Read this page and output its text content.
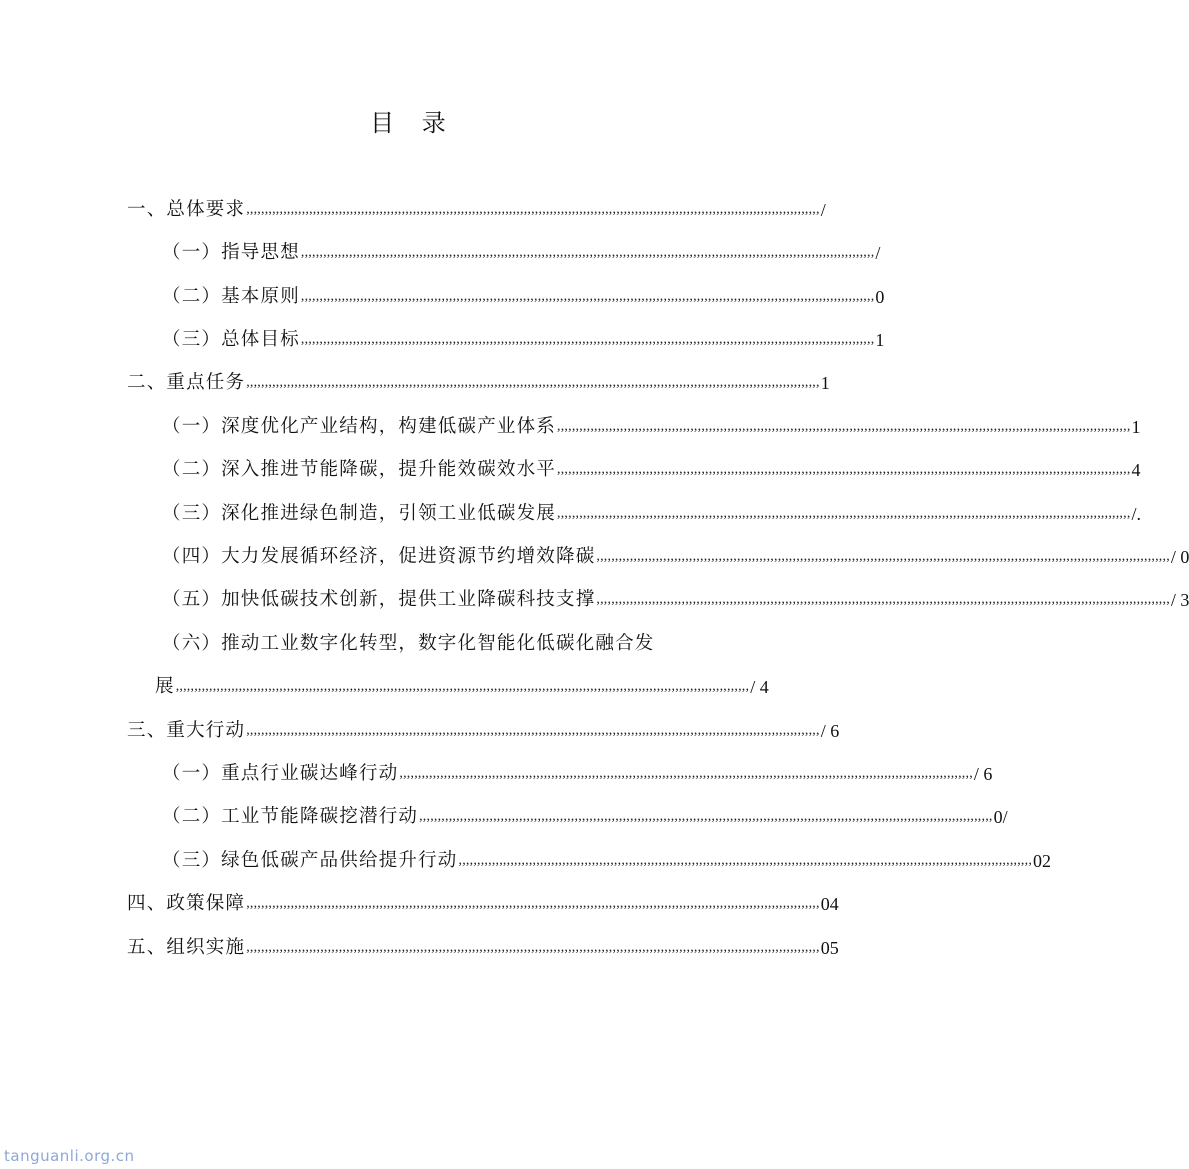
目 录
一、总体要求 ,,,,,,,,,,,,,,,,,,,,,,,,,,,,,,,,,,,,,,,,,,,,,,,,,,,,,,,,,,,,,,,,,,,,,,,,,,,,,,,,,,,,,,,,,,,,,,,,,,,,,,,,,,,,,,,,,,,,,,,,,,,,,,,,,,,,,,,,,,,,,,,,,,,,,,,,,,, /
（一）指导思想 ,,,,,,,,,,,,,,,,,,,,,,,,,,,,,,,,,,,,,,,,,,,,,,,,,,,,,,,,,,,,,,,,,,,,,,,,,,,,,,,,,,,,,,,,,,,,,,,,,,,,,,,,,,,,,,,,,,,,,,,,,,,,,,,,,,,,,,,,,,,,,,,,,,,,,,,,,,, /
（二）基本原则 ,,,,,,,,,,,,,,,,,,,,,,,,,,,,,,,,,,,,,,,,,,,,,,,,,,,,,,,,,,,,,,,,,,,,,,,,,,,,,,,,,,,,,,,,,,,,,,,,,,,,,,,,,,,,,,,,,,,,,,,,,,,,,,,,,,,,,,,,,,,,,,,,,,,,,,,,,,, 0
（三）总体目标 ,,,,,,,,,,,,,,,,,,,,,,,,,,,,,,,,,,,,,,,,,,,,,,,,,,,,,,,,,,,,,,,,,,,,,,,,,,,,,,,,,,,,,,,,,,,,,,,,,,,,,,,,,,,,,,,,,,,,,,,,,,,,,,,,,,,,,,,,,,,,,,,,,,,,,,,,,,, 1
二、重点任务 ,,,,,,,,,,,,,,,,,,,,,,,,,,,,,,,,,,,,,,,,,,,,,,,,,,,,,,,,,,,,,,,,,,,,,,,,,,,,,,,,,,,,,,,,,,,,,,,,,,,,,,,,,,,,,,,,,,,,,,,,,,,,,,,,,,,,,,,,,,,,,,,,,,,,,,,,,,, 1
（一）深度优化产业结构，构建低碳产业体系 ,,,,,,,,,,,,,,,,,,,,,,,,,,,,,,,,,,,,,,,,,,,,,,,,,,,,,,,,,,,,,,,,,,,,,,,,,,,,,,,,,,,,,,,,,,,,,,,,,,,,,,,,,,,,,,,,,,,,,,,,,,,,,,,,,,,,,,,,,,,,,,,,,,,,,,,,,,, 1
（二）深入推进节能降碳，提升能效碳效水平 ,,,,,,,,,,,,,,,,,,,,,,,,,,,,,,,,,,,,,,,,,,,,,,,,,,,,,,,,,,,,,,,,,,,,,,,,,,,,,,,,,,,,,,,,,,,,,,,,,,,,,,,,,,,,,,,,,,,,,,,,,,,,,,,,,,,,,,,,,,,,,,,,,,,,,,,,,,, 4
（三）深化推进绿色制造，引领工业低碳发展 ,,,,,,,,,,,,,,,,,,,,,,,,,,,,,,,,,,,,,,,,,,,,,,,,,,,,,,,,,,,,,,,,,,,,,,,,,,,,,,,,,,,,,,,,,,,,,,,,,,,,,,,,,,,,,,,,,,,,,,,,,,,,,,,,,,,,,,,,,,,,,,,,,,,,,,,,,,, /.
（四）大力发展循环经济，促进资源节约增效降碳 ,,,,,,,,,,,,,,,,,,,,,,,,,,,,,,,,,,,,,,,,,,,,,,,,,,,,,,,,,,,,,,,,,,,,,,,,,,,,,,,,,,,,,,,,,,,,,,,,,,,,,,,,,,,,,,,,,,,,,,,,,,,,,,,,,,,,,,,,,,,,,,,,,,,,,,,,,,, / 0
（五）加快低碳技术创新，提供工业降碳科技支撑 ,,,,,,,,,,,,,,,,,,,,,,,,,,,,,,,,,,,,,,,,,,,,,,,,,,,,,,,,,,,,,,,,,,,,,,,,,,,,,,,,,,,,,,,,,,,,,,,,,,,,,,,,,,,,,,,,,,,,,,,,,,,,,,,,,,,,,,,,,,,,,,,,,,,,,,,,,,, / 3
（六）推动工业数字化转型，数字化智能化低碳化融合发
展 ,,,,,,,,,,,,,,,,,,,,,,,,,,,,,,,,,,,,,,,,,,,,,,,,,,,,,,,,,,,,,,,,,,,,,,,,,,,,,,,,,,,,,,,,,,,,,,,,,,,,,,,,,,,,,,,,,,,,,,,,,,,,,,,,,,,,,,,,,,,,,,,,,,,,,,,,,,, / 4
三、重大行动 ,,,,,,,,,,,,,,,,,,,,,,,,,,,,,,,,,,,,,,,,,,,,,,,,,,,,,,,,,,,,,,,,,,,,,,,,,,,,,,,,,,,,,,,,,,,,,,,,,,,,,,,,,,,,,,,,,,,,,,,,,,,,,,,,,,,,,,,,,,,,,,,,,,,,,,,,,,, / 6
（一）重点行业碳达峰行动 ,,,,,,,,,,,,,,,,,,,,,,,,,,,,,,,,,,,,,,,,,,,,,,,,,,,,,,,,,,,,,,,,,,,,,,,,,,,,,,,,,,,,,,,,,,,,,,,,,,,,,,,,,,,,,,,,,,,,,,,,,,,,,,,,,,,,,,,,,,,,,,,,,,,,,,,,,,, / 6
（二）工业节能降碳挖潜行动 ,,,,,,,,,,,,,,,,,,,,,,,,,,,,,,,,,,,,,,,,,,,,,,,,,,,,,,,,,,,,,,,,,,,,,,,,,,,,,,,,,,,,,,,,,,,,,,,,,,,,,,,,,,,,,,,,,,,,,,,,,,,,,,,,,,,,,,,,,,,,,,,,,,,,,,,,,,, 0/
（三）绿色低碳产品供给提升行动 ,,,,,,,,,,,,,,,,,,,,,,,,,,,,,,,,,,,,,,,,,,,,,,,,,,,,,,,,,,,,,,,,,,,,,,,,,,,,,,,,,,,,,,,,,,,,,,,,,,,,,,,,,,,,,,,,,,,,,,,,,,,,,,,,,,,,,,,,,,,,,,,,,,,,,,,,,,, 02
四、政策保障 ,,,,,,,,,,,,,,,,,,,,,,,,,,,,,,,,,,,,,,,,,,,,,,,,,,,,,,,,,,,,,,,,,,,,,,,,,,,,,,,,,,,,,,,,,,,,,,,,,,,,,,,,,,,,,,,,,,,,,,,,,,,,,,,,,,,,,,,,,,,,,,,,,,,,,,,,,,, 04
五、组织实施 ,,,,,,,,,,,,,,,,,,,,,,,,,,,,,,,,,,,,,,,,,,,,,,,,,,,,,,,,,,,,,,,,,,,,,,,,,,,,,,,,,,,,,,,,,,,,,,,,,,,,,,,,,,,,,,,,,,,,,,,,,,,,,,,,,,,,,,,,,,,,,,,,,,,,,,,,,,, 05
tanguanli.org.cn
